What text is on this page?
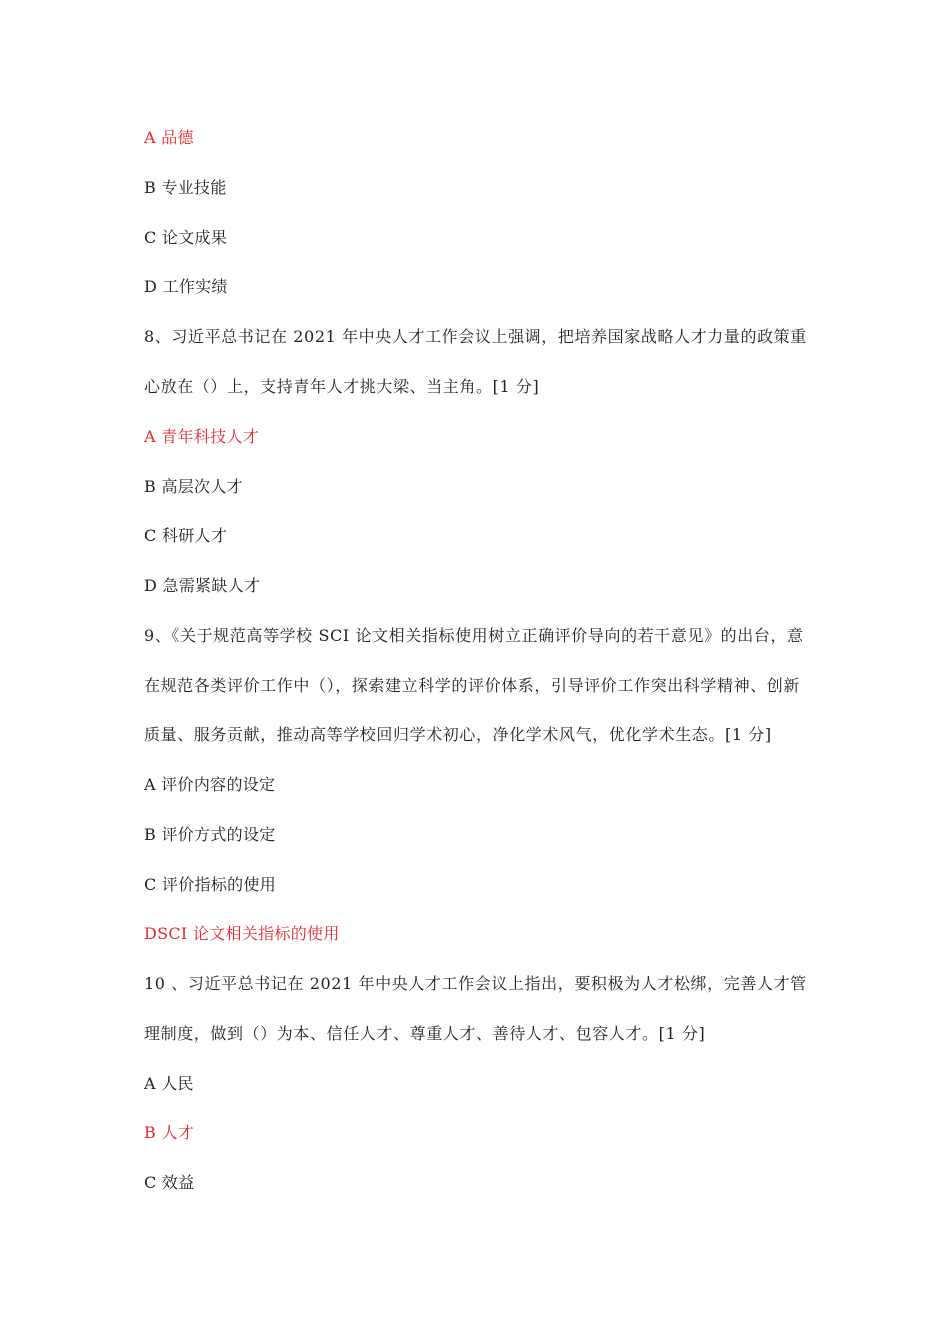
A 品德
B 专业技能
C 论文成果
D 工作实绩
8、习近平总书记在 2021 年中央人才工作会议上强调，把培养国家战略人才力量的政策重
心放在（）上，支持青年人才挑大梁、当主角。[1 分]
A 青年科技人才
B 高层次人才
C 科研人才
D 急需紧缺人才
9、《关于规范高等学校 SCI 论文相关指标使用树立正确评价导向的若干意见》的出台，意
在规范各类评价工作中（），探索建立科学的评价体系，引导评价工作突出科学精神、创新
质量、服务贡献，推动高等学校回归学术初心，净化学术风气，优化学术生态。[1 分]
A 评价内容的设定
B 评价方式的设定
C 评价指标的使用
DSCI 论文相关指标的使用
10 、习近平总书记在 2021 年中央人才工作会议上指出，要积极为人才松绑，完善人才管
理制度，做到（）为本、信任人才、尊重人才、善待人才、包容人才。[1 分]
A 人民
B 人才
C 效益
